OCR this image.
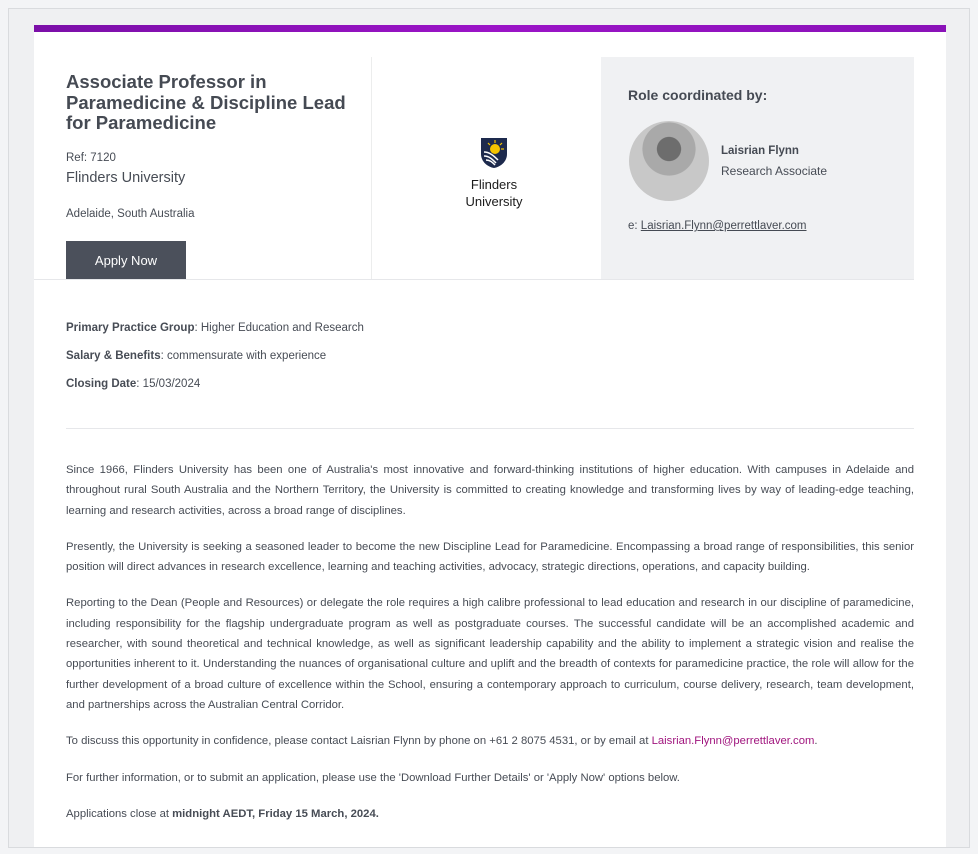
Associate Professor in Paramedicine & Discipline Lead for Paramedicine
Ref: 7120
Flinders University
Adelaide, South Australia
Apply Now
Flinders
University
Role coordinated by:
Laisrian Flynn
Research Associate
e: Laisrian.Flynn@perrettlaver.com

Primary Practice Group: Higher Education and Research

Salary & Benefits: commensurate with experience

Closing Date: 15/03/2024

Since 1966, Flinders University has been one of Australia's most innovative and forward-thinking institutions of higher education. With campuses in Adelaide and throughout rural South Australia and the Northern Territory, the University is committed to creating knowledge and transforming lives by way of leading-edge teaching, learning and research activities, across a broad range of disciplines.

Presently, the University is seeking a seasoned leader to become the new Discipline Lead for Paramedicine. Encompassing a broad range of responsibilities, this senior position will direct advances in research excellence, learning and teaching activities, advocacy, strategic directions, operations, and capacity building.

Reporting to the Dean (People and Resources) or delegate the role requires a high calibre professional to lead education and research in our discipline of paramedicine, including responsibility for the flagship undergraduate program as well as postgraduate courses. The successful candidate will be an accomplished academic and researcher, with sound theoretical and technical knowledge, as well as significant leadership capability and the ability to implement a strategic vision and realise the opportunities inherent to it. Understanding the nuances of organisational culture and uplift and the breadth of contexts for paramedicine practice, the role will allow for the further development of a broad culture of excellence within the School, ensuring a contemporary approach to curriculum, course delivery, research, team development, and partnerships across the Australian Central Corridor.

To discuss this opportunity in confidence, please contact Laisrian Flynn by phone on +61 2 8075 4531, or by email at Laisrian.Flynn@perrettlaver.com.

For further information, or to submit an application, please use the 'Download Further Details' or 'Apply Now' options below.

Applications close at midnight AEDT, Friday 15 March, 2024.
